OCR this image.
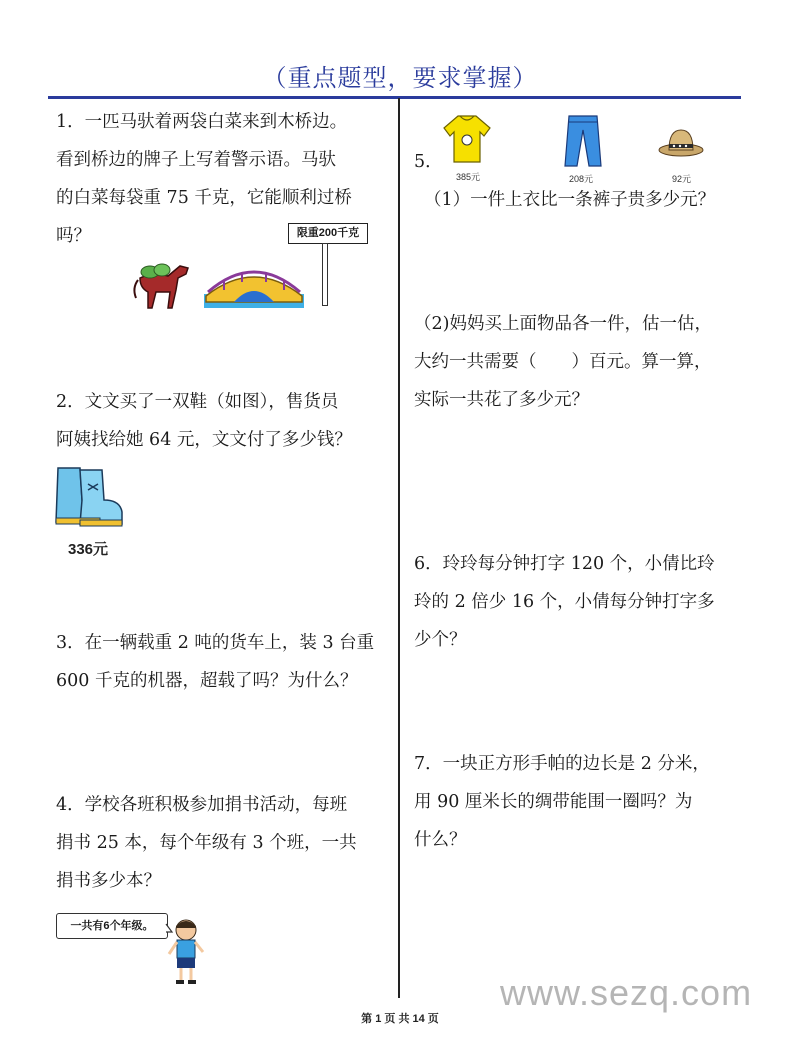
（重点题型，要求掌握）

1．一匹马驮着两袋白菜来到木桥边。

看到桥边的牌子上写着警示语。马驮

的白菜每袋重 75 千克，它能顺利过桥

吗？	限重200千克

2．文文买了一双鞋（如图），售货员

阿姨找给她 64 元，文文付了多少钱？

336元

3．在一辆载重 2 吨的货车上，装 3 台重

600 千克的机器，超载了吗？为什么？

4．学校各班积极参加捐书活动，每班

捐书 25 本，每个年级有 3 个班，一共

捐书多少本？

一共有6个年级。
5．
385元	208元	92元
（1）一件上衣比一条裤子贵多少元？

（2)妈妈买上面物品各一件，估一估，

大约一共需要（　　）百元。算一算，

实际一共花了多少元？

6．玲玲每分钟打字 120 个，小倩比玲

玲的 2 倍少 16 个，小倩每分钟打字多

少个？

7．一块正方形手帕的边长是 2 分米，

用 90 厘米长的绸带能围一圈吗？为

什么？

www.sezq.com
第 1 页 共 14 页
